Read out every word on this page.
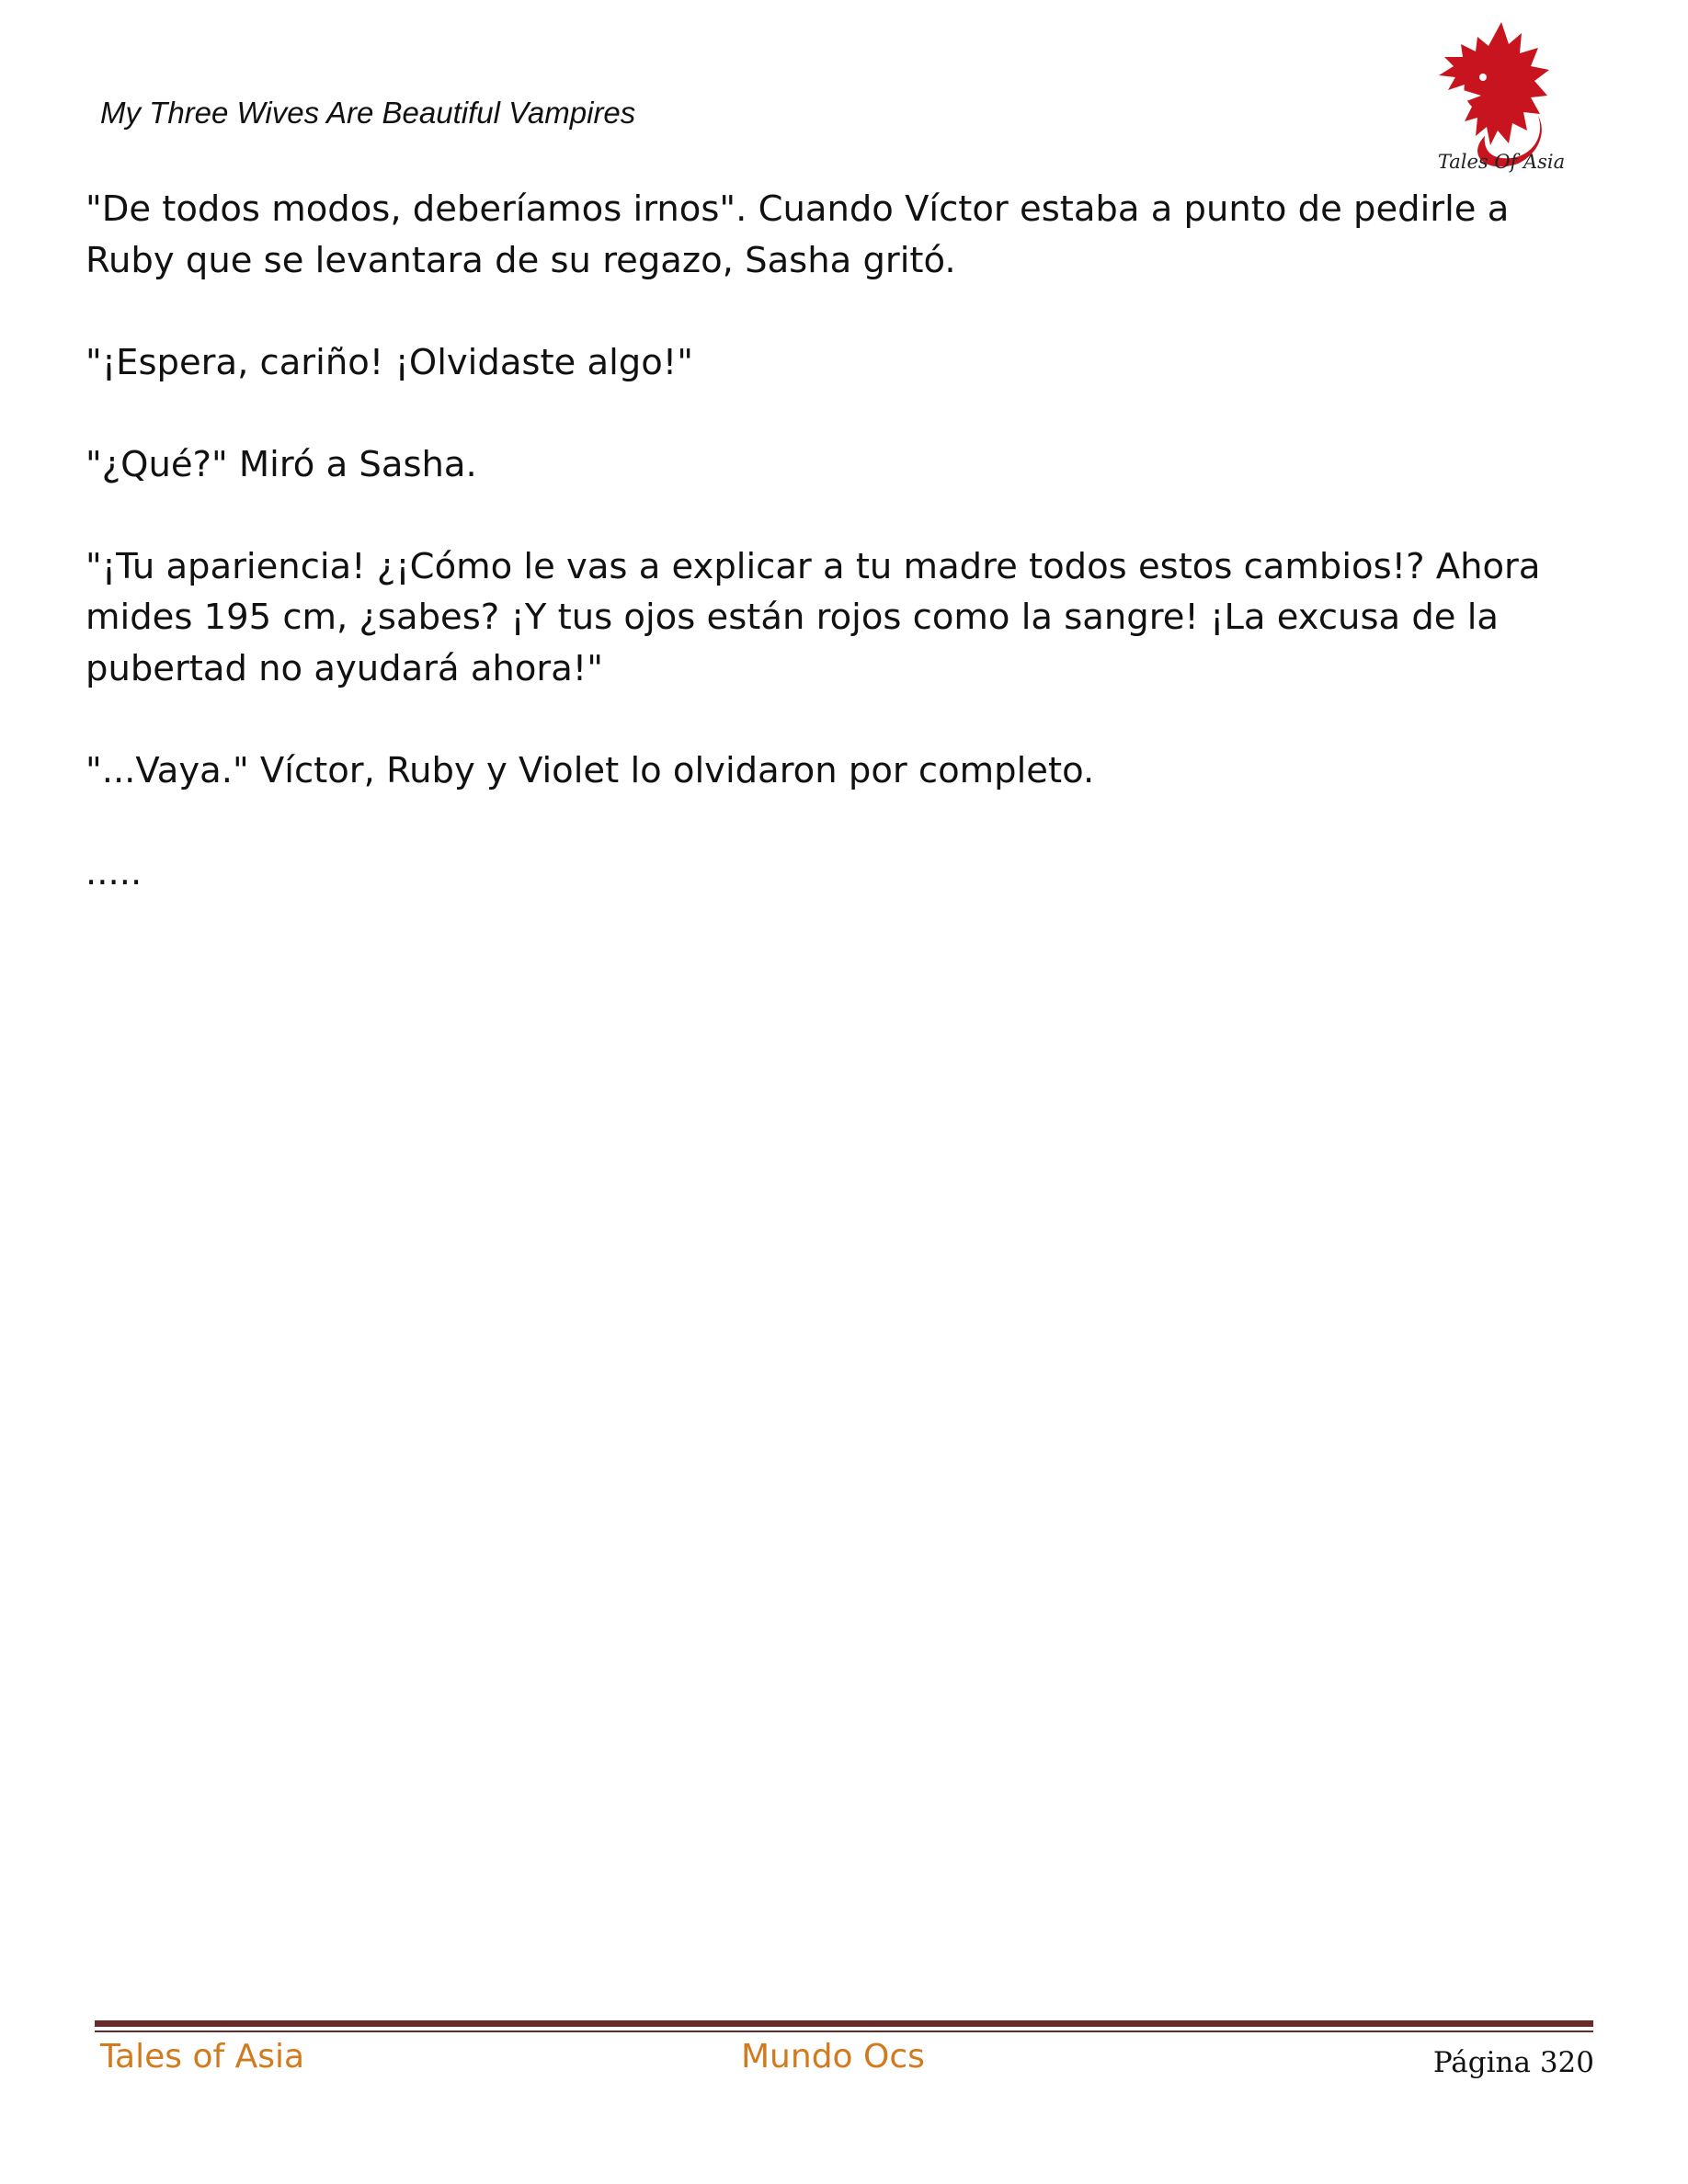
My Three Wives Are Beautiful Vampires
Tales Of Asia

"De todos modos, deberíamos irnos". Cuando Víctor estaba a punto de pedirle a Ruby que se levantara de su regazo, Sasha gritó.

"¡Espera, cariño! ¡Olvidaste algo!"

"¿Qué?" Miró a Sasha.

"¡Tu apariencia! ¿¡Cómo le vas a explicar a tu madre todos estos cambios!? Ahora mides 195 cm, ¿sabes? ¡Y tus ojos están rojos como la sangre! ¡La excusa de la pubertad no ayudará ahora!"

"...Vaya." Víctor, Ruby y Violet lo olvidaron por completo.

.....

Tales of Asia	Mundo Ocs	Página 320
